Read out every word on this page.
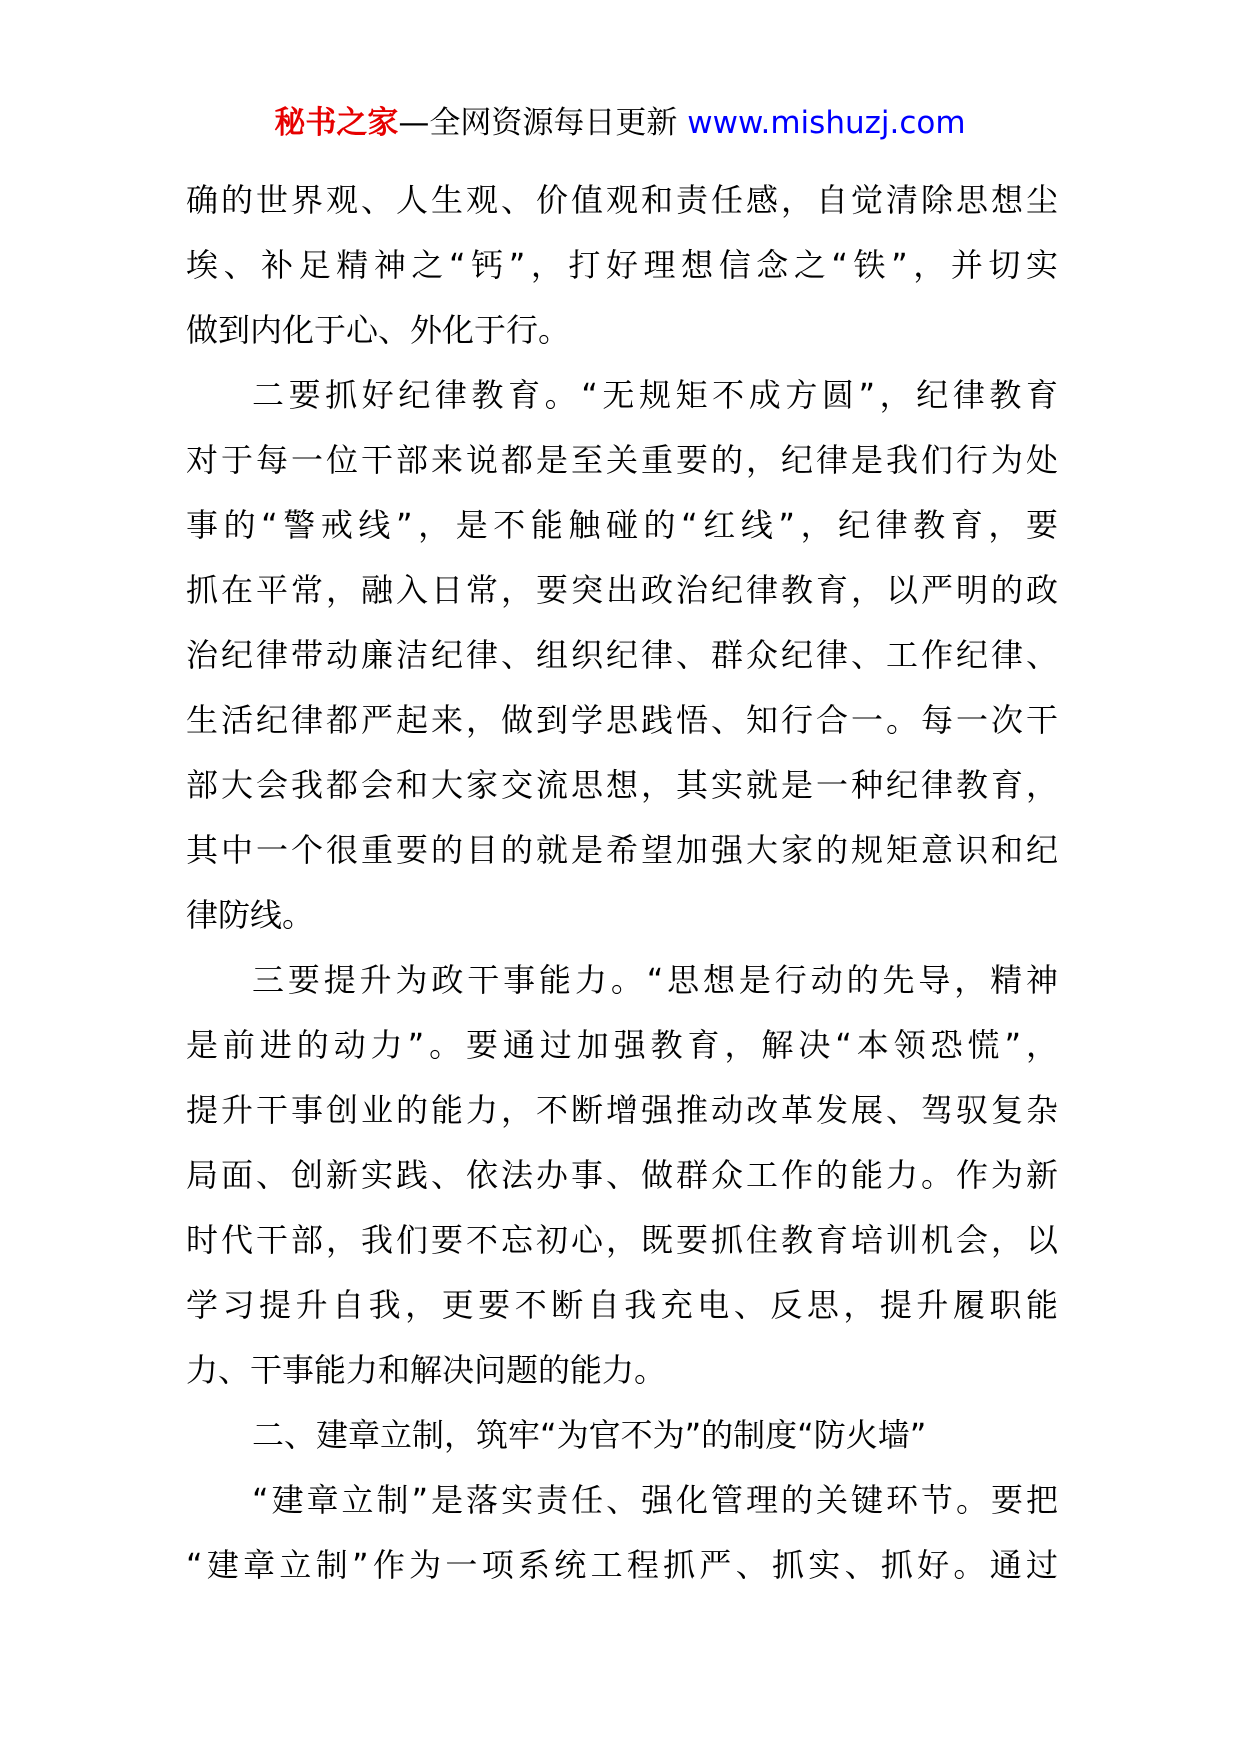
秘书之家—全网资源每日更新 www.mishuzj.com
确的世界观、人生观、价值观和责任感，自觉清除思想尘
埃、补足精神之“钙”，打好理想信念之“铁”，并切实
做到内化于心、外化于行。
二要抓好纪律教育。“无规矩不成方圆”，纪律教育
对于每一位干部来说都是至关重要的，纪律是我们行为处
事的“警戒线”，是不能触碰的“红线”，纪律教育，要
抓在平常，融入日常，要突出政治纪律教育，以严明的政
治纪律带动廉洁纪律、组织纪律、群众纪律、工作纪律、
生活纪律都严起来，做到学思践悟、知行合一。每一次干
部大会我都会和大家交流思想，其实就是一种纪律教育，
其中一个很重要的目的就是希望加强大家的规矩意识和纪
律防线。
三要提升为政干事能力。“思想是行动的先导，精神
是前进的动力”。要通过加强教育，解决“本领恐慌”，
提升干事创业的能力，不断增强推动改革发展、驾驭复杂
局面、创新实践、依法办事、做群众工作的能力。作为新
时代干部，我们要不忘初心，既要抓住教育培训机会，以
学习提升自我，更要不断自我充电、反思，提升履职能
力、干事能力和解决问题的能力。
二、建章立制，筑牢“为官不为”的制度“防火墙”
“建章立制”是落实责任、强化管理的关键环节。要把
“建章立制”作为一项系统工程抓严、抓实、抓好。通过
